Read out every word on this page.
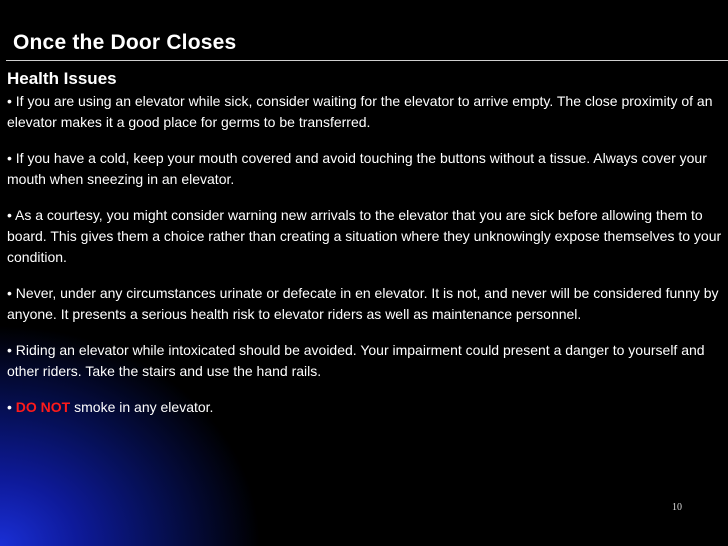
Once the Door Closes

Health Issues

• If you are using an elevator while sick, consider waiting for the elevator to arrive empty. The close proximity of an elevator makes it a good place for germs to be transferred.

• If you have a cold, keep your mouth covered and avoid touching the buttons without a tissue. Always cover your mouth when sneezing in an elevator.

• As a courtesy, you might consider warning new arrivals to the elevator that you are sick before allowing them to board. This gives them a choice rather than creating a situation where they unknowingly expose themselves to your condition.

• Never, under any circumstances urinate or defecate in en elevator. It is not, and never will be considered funny by anyone. It presents a serious health risk to elevator riders as well as maintenance personnel.

• Riding an elevator while intoxicated should be avoided. Your impairment could present a danger to yourself and other riders. Take the stairs and use the hand rails.

• DO NOT smoke in any elevator.

10
